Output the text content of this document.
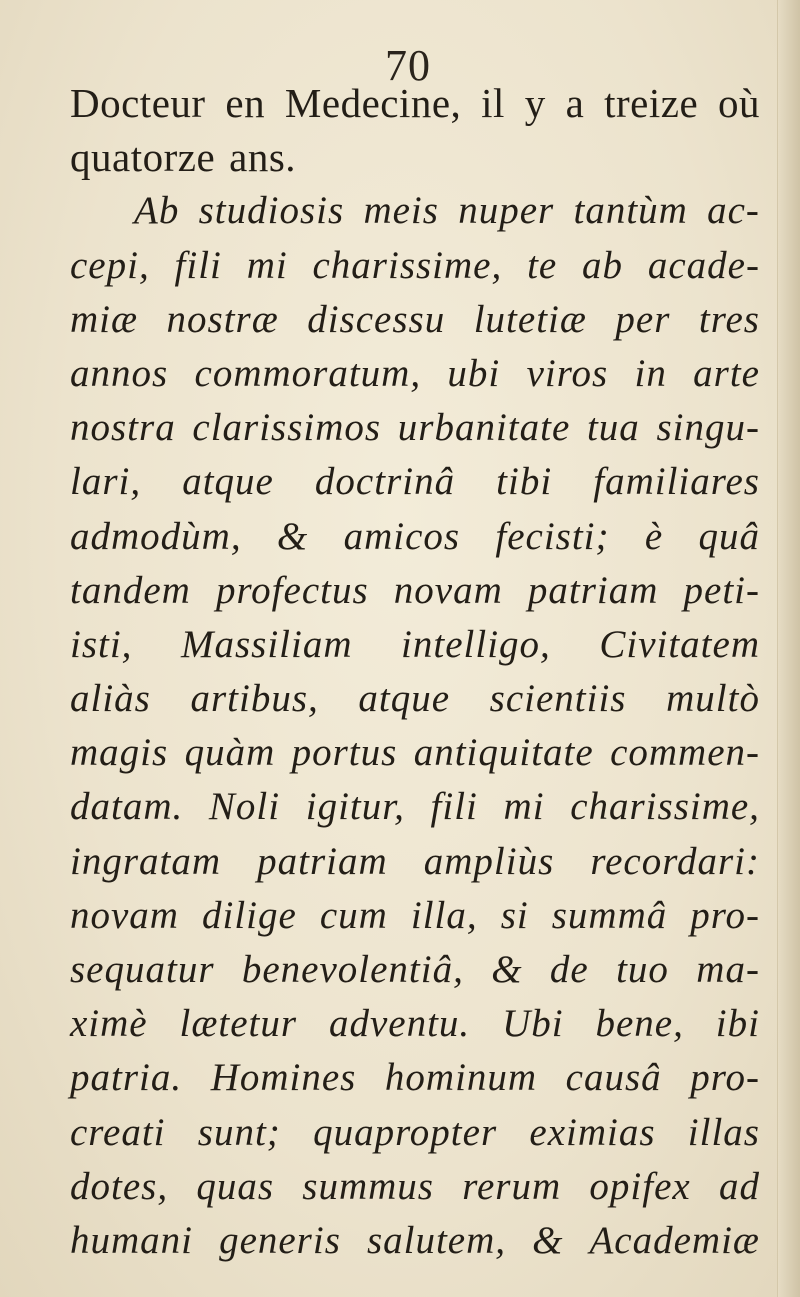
70
Docteur en Medecine, il y a treize où
quatorze ans.
Ab studiosis meis nuper tantùm ac-
cepi, fili mi charissime, te ab acade-
miæ nostræ discessu lutetiæ per tres
annos commoratum, ubi viros in arte
nostra clarissimos urbanitate tua singu-
lari, atque doctrinâ tibi familiares
admodùm, & amicos fecisti; è quâ
tandem profectus novam patriam peti-
isti, Massiliam intelligo, Civitatem
aliàs artibus, atque scientiis multò
magis quàm portus antiquitate commen-
datam. Noli igitur, fili mi charissime,
ingratam patriam ampliùs recordari:
novam dilige cum illa, si summâ pro-
sequatur benevolentiâ, & de tuo ma-
ximè lætetur adventu. Ubi bene, ibi
patria. Homines hominum causâ pro-
creati sunt; quapropter eximias illas
dotes, quas summus rerum opifex ad
humani generis salutem, & Academiæ
